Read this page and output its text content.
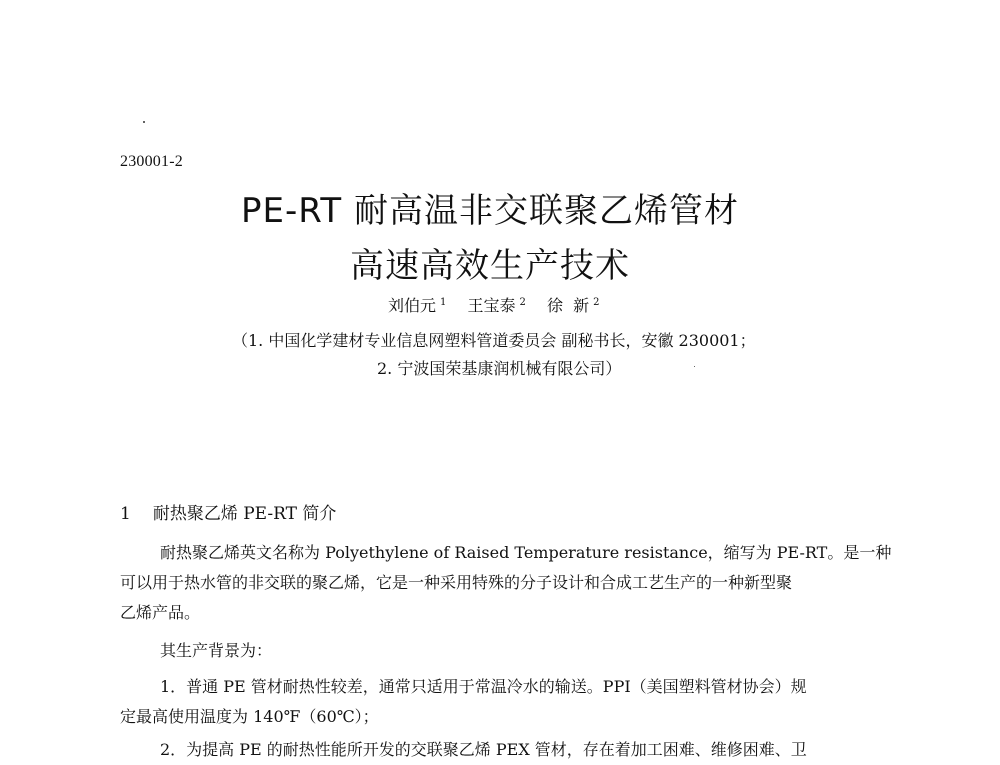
230001-2
PE-RT 耐高温非交联聚乙烯管材
高速高效生产技术
刘伯元 $^1$ 王宝泰 $^2$ 徐  新 $^2$
（1. 中国化学建材专业信息网塑料管道委员会 副秘书长，安徽 230001；
2. 宁波国荣基康润机械有限公司）
1 耐热聚乙烯 PE-RT 简介
耐热聚乙烯英文名称为 Polyethylene of Raised Temperature resistance，缩写为 PE-RT。是一种
可以用于热水管的非交联的聚乙烯，它是一种采用特殊的分子设计和合成工艺生产的一种新型聚
乙烯产品。
其生产背景为：
1．普通 PE 管材耐热性较差，通常只适用于常温冷水的输送。PPI（美国塑料管材协会）规
定最高使用温度为 140℉（60℃）；
2．为提高 PE 的耐热性能所开发的交联聚乙烯 PEX 管材，存在着加工困难、维修困难、卫
